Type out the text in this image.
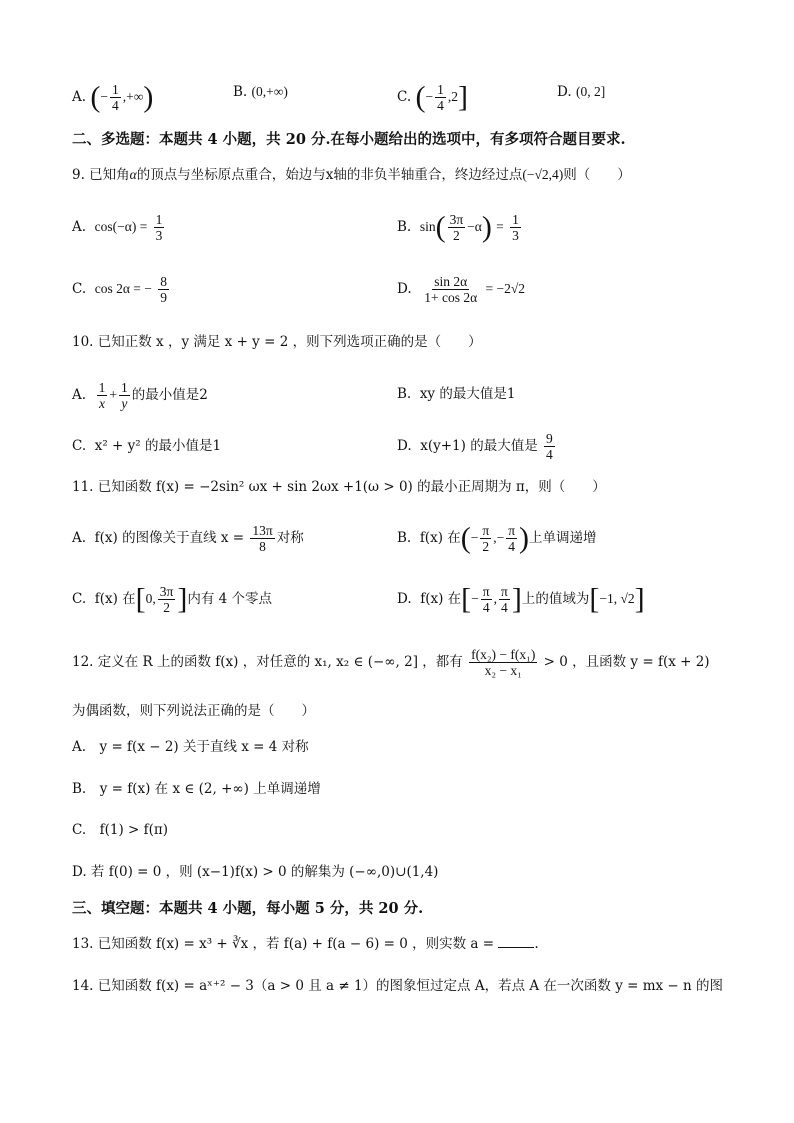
A. (− $\frac{1}{4}$ ,+∞)	B. (0,+∞)	C. (− $\frac{1}{4} ,2$]	D. (0, 2]
二、多选题：本题共 4 小题，共 20 分.在每小题给出的选项中，有多项符合题目要求.
9. 已知角α的顶点与坐标原点重合，始边与x轴的非负半轴重合，终边经过点(−√2,4)则（　　）
A. $\cos(-\alpha) = \frac{1}{3}$	B. $\sin( \frac{3\pi}{2} -\alpha) = \frac{1}{3}$
C. cos 2α = − $\frac{8}{9}$	D. $\frac{\sin 2\alpha}{1+ \cos 2\alpha} = -2√2$
10. 已知正数 x ，y 满足 x + y = 2 ，则下列选项正确的是（　　）
A. $\frac{1}{x} + \frac{1}{y}$ 的最小值是2	B. xy 的最大值是1
C. x² + y² 的最小值是1	D. x(y+1) 的最大值是 $\frac{9}{4}$
11. 已知函数 f(x) = −2sin² ωx + sin 2ωx +1(ω > 0) 的最小正周期为 π，则（　　）
A. f(x) 的图像关于直线 $x = \frac{13\pi}{8}$ 对称	B. f(x) 在(− $\frac{\pi}{2}$ ,− $\frac{\pi}{4}$ )上单调递增
C. f(x) 在[0, $\frac{3\pi}{2}$ ]内有 4 个零点	D. f(x) 在[− $\frac{\pi}{4}$ , $\frac{\pi}{4}$ ]上的值域为[−1, √2]
12. 定义在 R 上的函数 f(x) ，对任意的 x₁, x₂ ∈ (−∞, 2] ，都有 $\frac{\text{f(x₂) − f(x₁)}}{\text{x₂ − x₁}} > 0$ ，且函数 y = f(x + 2)
为偶函数，则下列说法正确的是（　　）
A.　y = f(x − 2) 关于直线 x = 4 对称
B.　y = f(x) 在 x ∈ (2, +∞) 上单调递增
C.　f(1) > f(π)
D. 若 f(0) = 0 ，则 (x−1)f(x) > 0 的解集为 (−∞,0)∪(1,4)
三、填空题：本题共 4 小题，每小题 5 分，共 20 分.
13. 已知函数 f(x) = x³ + ∛x ，若 f(a) + f(a − 6) = 0 ，则实数 a =	.
14. 已知函数 f(x) = aˣ⁺² − 3（a > 0 且 a ≠ 1）的图象恒过定点 A，若点 A 在一次函数 y = mx − n 的图
